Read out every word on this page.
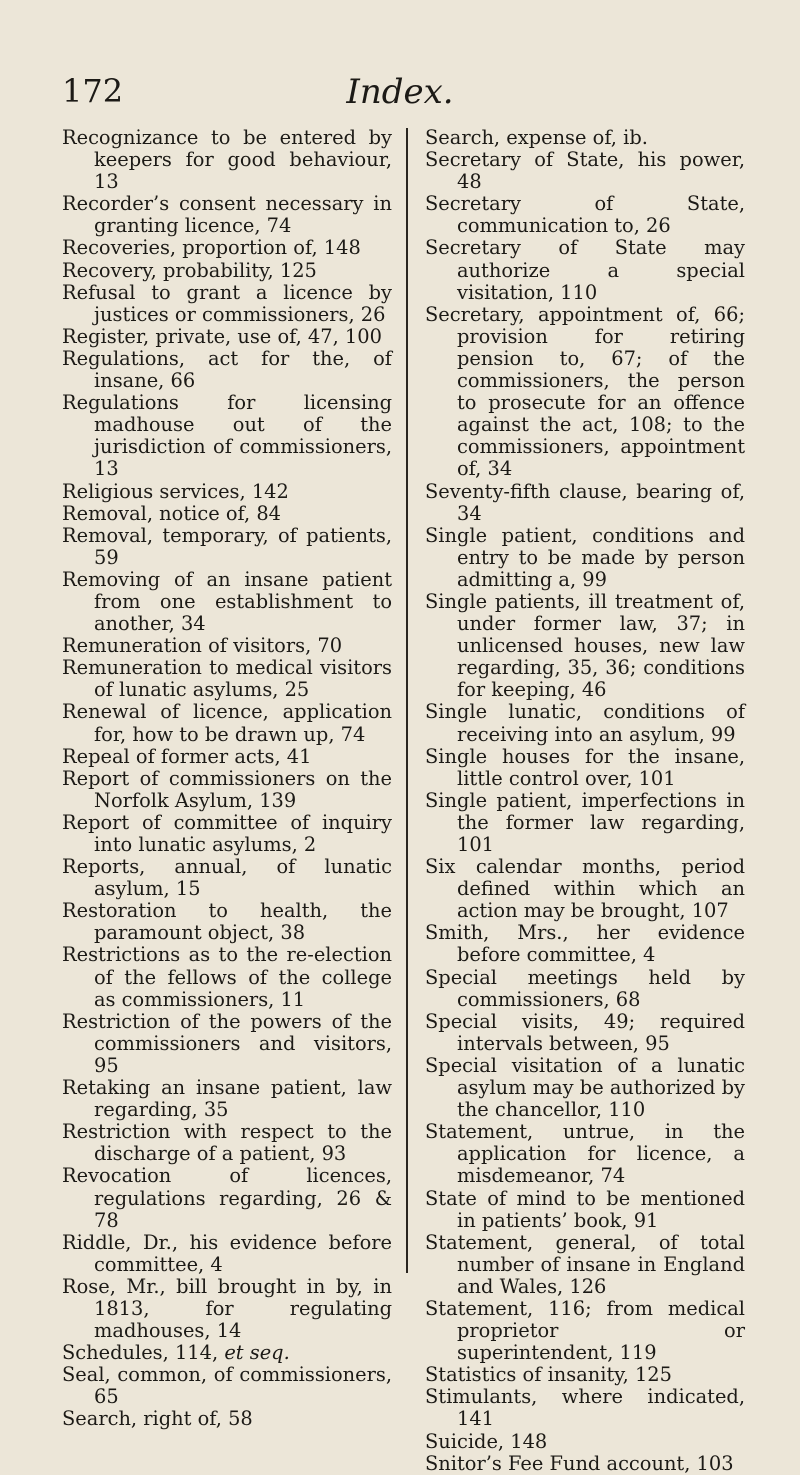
Index.
172
Recognizance to be entered by keepers for good behaviour, 13
Recorder’s consent necessary in granting licence, 74
Recoveries, proportion of, 148
Recovery, probability, 125
Refusal to grant a licence by justices or commissioners, 26
Register, private, use of, 47, 100
Regulations, act for the, of insane, 66
Regulations for licensing madhouse out of the jurisdiction of commissioners, 13
Religious services, 142
Removal, notice of, 84
Removal, temporary, of patients, 59
Removing of an insane patient from one establishment to another, 34
Remuneration of visitors, 70
Remuneration to medical visitors of lunatic asylums, 25
Renewal of licence, application for, how to be drawn up, 74
Repeal of former acts, 41
Report of commissioners on the Norfolk Asylum, 139
Report of committee of inquiry into lunatic asylums, 2
Reports, annual, of lunatic asylum, 15
Restoration to health, the paramount object, 38
Restrictions as to the re-election of the fellows of the college as commissioners, 11
Restriction of the powers of the commissioners and visitors, 95
Retaking an insane patient, law regarding, 35
Restriction with respect to the discharge of a patient, 93
Revocation of licences, regulations regarding, 26 & 78
Riddle, Dr., his evidence before committee, 4
Rose, Mr., bill brought in by, in 1813, for regulating madhouses, 14
Schedules, 114, et seq.
Seal, common, of commissioners, 65
Search, right of, 58
Search, expense of, ib.
Secretary of State, his power, 48
Secretary of State, communication to, 26
Secretary of State may authorize a special visitation, 110
Secretary, appointment of, 66; provision for retiring pension to, 67; of the commissioners, the person to prosecute for an offence against the act, 108; to the commissioners, appointment of, 34
Seventy-fifth clause, bearing of, 34
Single patient, conditions and entry to be made by person admitting a, 99
Single patients, ill treatment of, under former law, 37; in unlicensed houses, new law regarding, 35, 36; conditions for keeping, 46
Single lunatic, conditions of receiving into an asylum, 99
Single houses for the insane, little control over, 101
Single patient, imperfections in the former law regarding, 101
Six calendar months, period defined within which an action may be brought, 107
Smith, Mrs., her evidence before committee, 4
Special meetings held by commissioners, 68
Special visits, 49; required intervals between, 95
Special visitation of a lunatic asylum may be authorized by the chancellor, 110
Statement, untrue, in the application for licence, a misdemeanor, 74
State of mind to be mentioned in patients’ book, 91
Statement, general, of total number of insane in England and Wales, 126
Statement, 116; from medical proprietor or superintendent, 119
Statistics of insanity, 125
Stimulants, where indicated, 141
Suicide, 148
Snitor’s Fee Fund account, 103
